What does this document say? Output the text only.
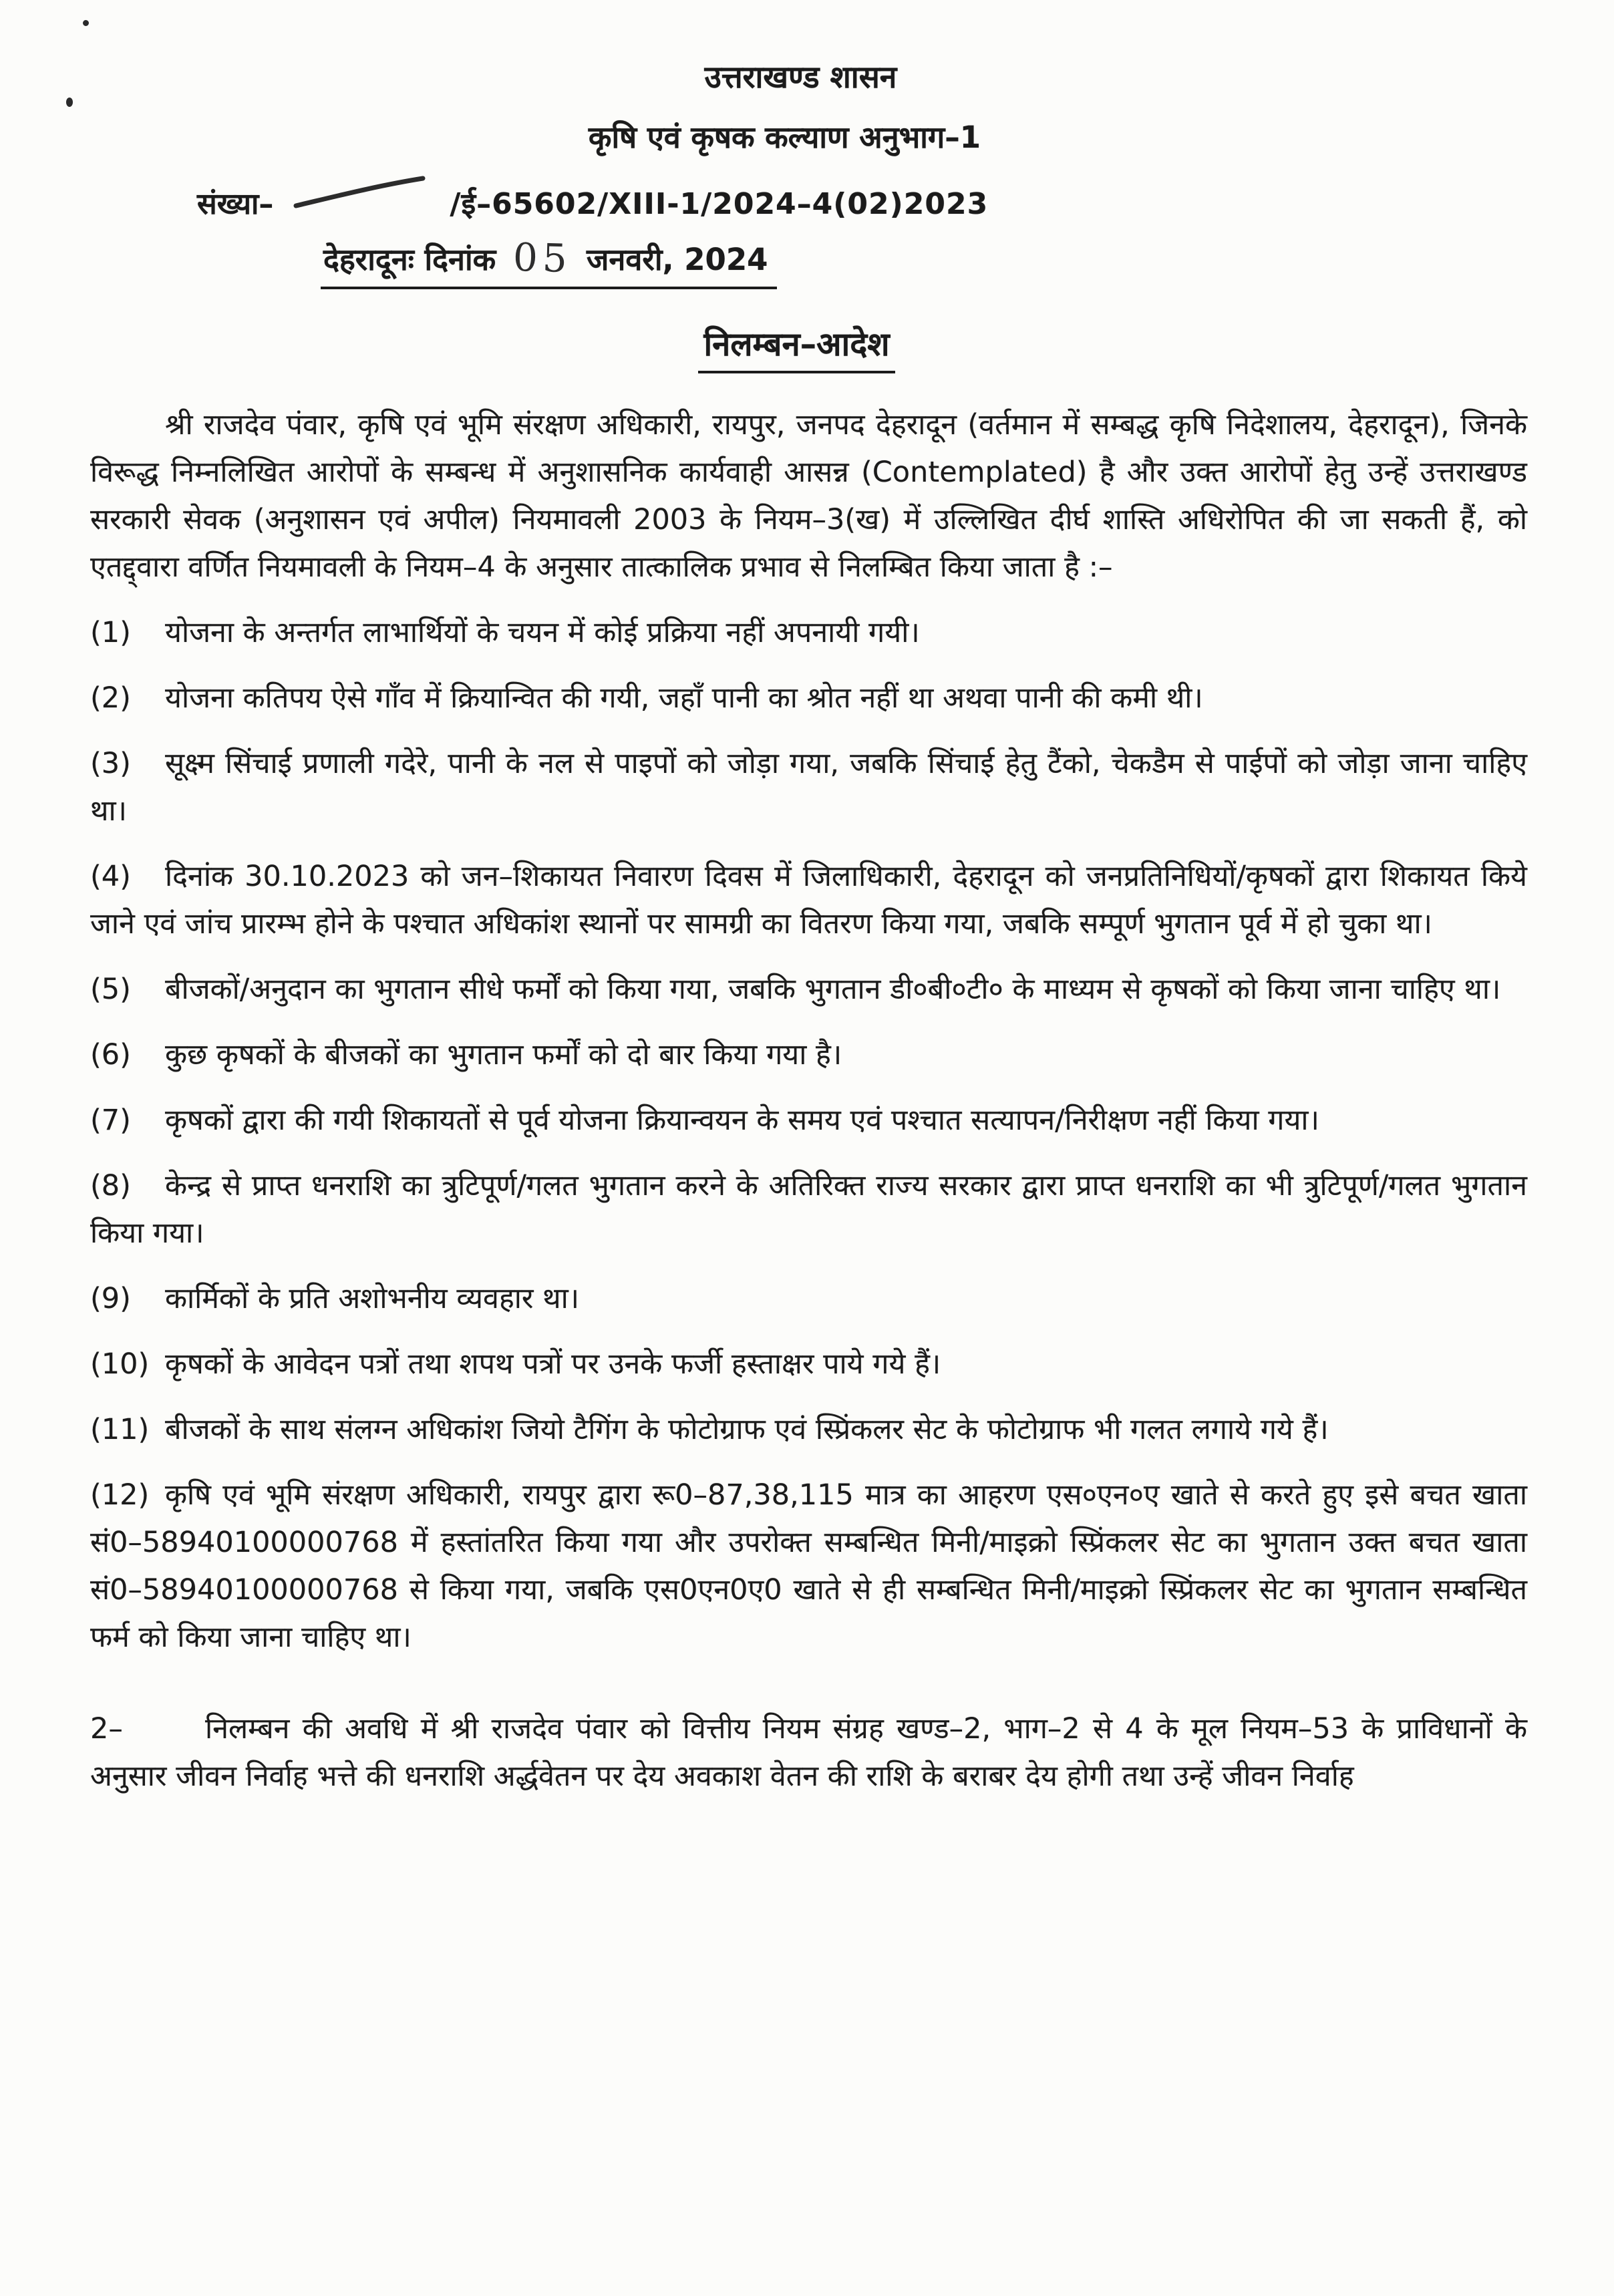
उत्तराखण्ड शासन
कृषि एवं कृषक कल्याण अनुभाग–1
संख्या–	/ई–65602/XIII-1/2024–4(02)2023
देहरादूनः दिनांक 05 जनवरी, 2024
निलम्बन–आदेश

श्री राजदेव पंवार, कृषि एवं भूमि संरक्षण अधिकारी, रायपुर, जनपद देहरादून (वर्तमान में सम्बद्ध कृषि निदेशालय, देहरादून), जिनके विरूद्ध निम्नलिखित आरोपों के सम्बन्ध में अनुशासनिक कार्यवाही आसन्न (Contemplated) है और उक्त आरोपों हेतु उन्हें उत्तराखण्ड सरकारी सेवक (अनुशासन एवं अपील) नियमावली 2003 के नियम–3(ख) में उल्लिखित दीर्घ शास्ति अधिरोपित की जा सकती हैं, को एतद्द्वारा वर्णित नियमावली के नियम–4 के अनुसार तात्कालिक प्रभाव से निलम्बित किया जाता है :–

(1) योजना के अन्तर्गत लाभार्थियों के चयन में कोई प्रक्रिया नहीं अपनायी गयी।

(2) योजना कतिपय ऐसे गाँव में क्रियान्वित की गयी, जहाँ पानी का श्रोत नहीं था अथवा पानी की कमी थी।

(3) सूक्ष्म सिंचाई प्रणाली गदेरे, पानी के नल से पाइपों को जोड़ा गया, जबकि सिंचाई हेतु टैंको, चेकडैम से पाईपों को जोड़ा जाना चाहिए था।

(4) दिनांक 30.10.2023 को जन–शिकायत निवारण दिवस में जिलाधिकारी, देहरादून को जनप्रतिनिधियों/कृषकों द्वारा शिकायत किये जाने एवं जांच प्रारम्भ होने के पश्चात अधिकांश स्थानों पर सामग्री का वितरण किया गया, जबकि सम्पूर्ण भुगतान पूर्व में हो चुका था।

(5) बीजकों/अनुदान का भुगतान सीधे फर्मों को किया गया, जबकि भुगतान डी०बी०टी० के माध्यम से कृषकों को किया जाना चाहिए था।

(6) कुछ कृषकों के बीजकों का भुगतान फर्मों को दो बार किया गया है।

(7) कृषकों द्वारा की गयी शिकायतों से पूर्व योजना क्रियान्वयन के समय एवं पश्चात सत्यापन/निरीक्षण नहीं किया गया।

(8) केन्द्र से प्राप्त धनराशि का त्रुटिपूर्ण/गलत भुगतान करने के अतिरिक्त राज्य सरकार द्वारा प्राप्त धनराशि का भी त्रुटिपूर्ण/गलत भुगतान किया गया।

(9) कार्मिकों के प्रति अशोभनीय व्यवहार था।

(10) कृषकों के आवेदन पत्रों तथा शपथ पत्रों पर उनके फर्जी हस्ताक्षर पाये गये हैं।

(11) बीजकों के साथ संलग्न अधिकांश जियो टैगिंग के फोटोग्राफ एवं स्प्रिंकलर सेट के फोटोग्राफ भी गलत लगाये गये हैं।

(12) कृषि एवं भूमि संरक्षण अधिकारी, रायपुर द्वारा रू0–87,38,115 मात्र का आहरण एस०एन०ए खाते से करते हुए इसे बचत खाता सं0–58940100000768 में हस्तांतरित किया गया और उपरोक्त सम्बन्धित मिनी/माइक्रो स्प्रिंकलर सेट का भुगतान उक्त बचत खाता सं0–58940100000768 से किया गया, जबकि एस0एन0ए0 खाते से ही सम्बन्धित मिनी/माइक्रो स्प्रिंकलर सेट का भुगतान सम्बन्धित फर्म को किया जाना चाहिए था।

2–	निलम्बन की अवधि में श्री राजदेव पंवार को वित्तीय नियम संग्रह खण्ड–2, भाग–2 से 4 के मूल नियम–53 के प्राविधानों के अनुसार जीवन निर्वाह भत्ते की धनराशि अर्द्धवेतन पर देय अवकाश वेतन की राशि के बराबर देय होगी तथा उन्हें जीवन निर्वाह
